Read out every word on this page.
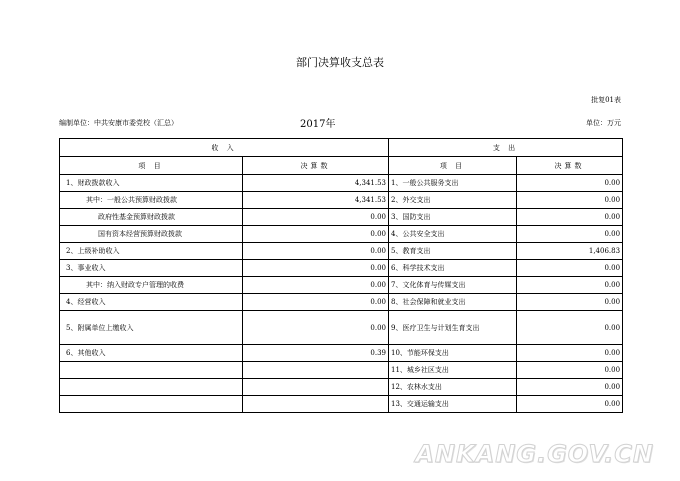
部门决算收支总表
批复01表
编制单位：中共安康市委党校（汇总）	2017年	单位：万元
收 入		支 出	
项 目	决算数	项 目	决算数
1、财政拨款收入	4,341.53	1、一般公共服务支出	0.00
其中：一般公共预算财政拨款	4,341.53	2、外交支出	0.00
政府性基金预算财政拨款	0.00	3、国防支出	0.00
国有资本经营预算财政拨款	0.00	4、公共安全支出	0.00
2、上级补助收入	0.00	5、教育支出	1,406.83
3、事业收入	0.00	6、科学技术支出	0.00
其中：纳入财政专户管理的收费	0.00	7、文化体育与传媒支出	0.00
4、经营收入	0.00	8、社会保障和就业支出	0.00
5、附属单位上缴收入	0.00	9、医疗卫生与计划生育支出	0.00
6、其他收入	0.39	10、节能环保支出	0.00
		11、城乡社区支出	0.00
		12、农林水支出	0.00
		13、交通运输支出	0.00
ANKANG.GOV.CN
